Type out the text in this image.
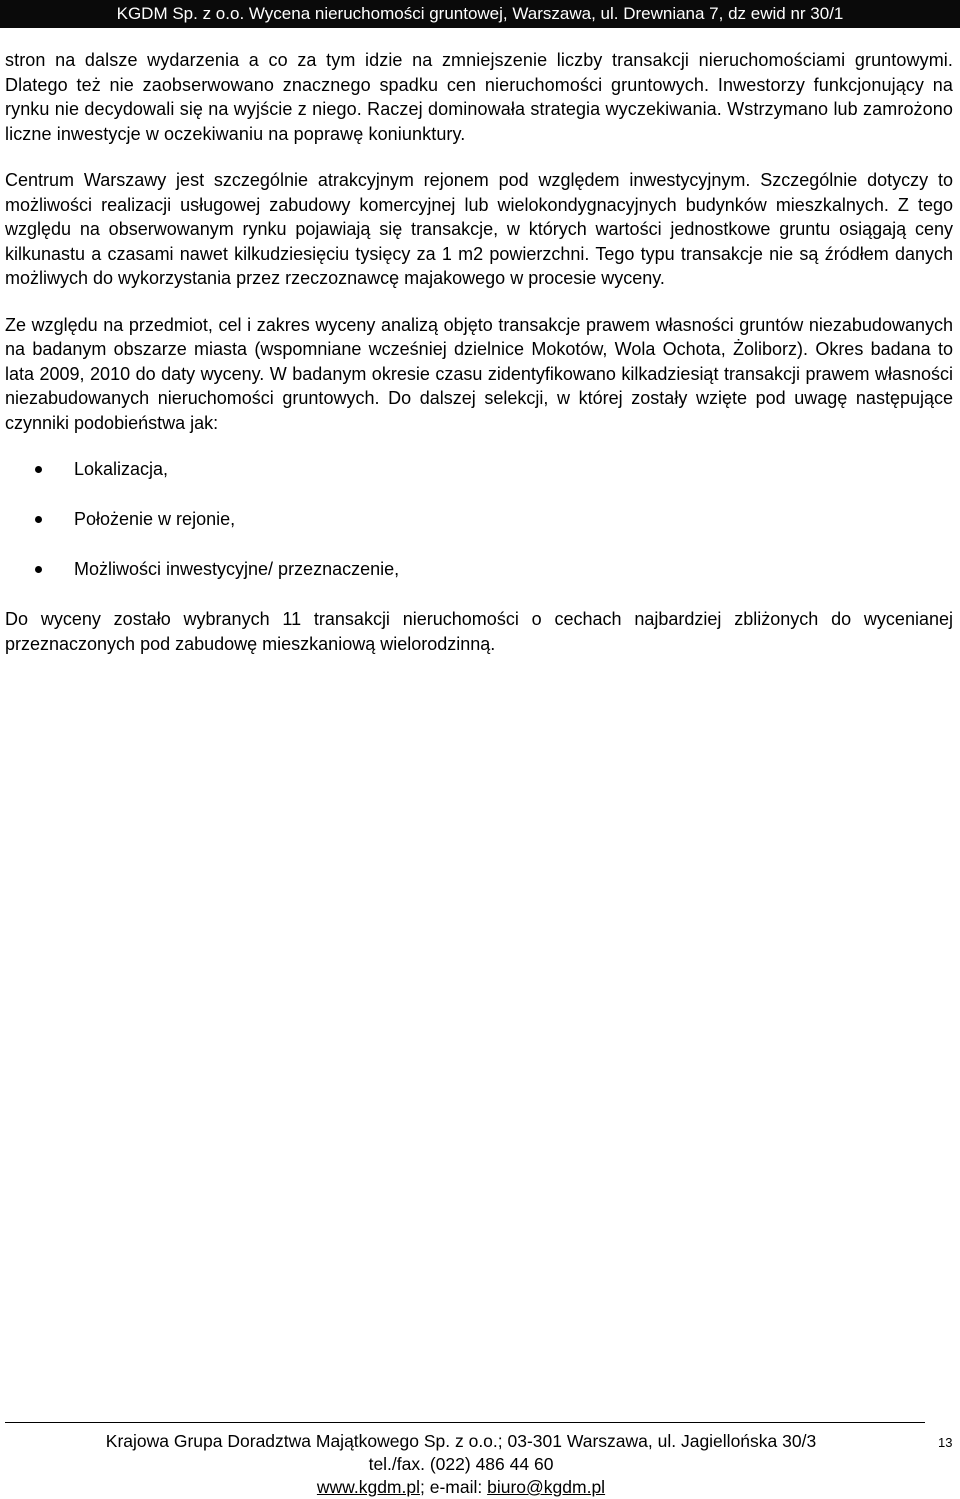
KGDM Sp. z o.o. Wycena nieruchomości gruntowej, Warszawa, ul. Drewniana 7, dz ewid nr 30/1

stron na dalsze wydarzenia a co za tym idzie na zmniejszenie liczby transakcji nieruchomościami gruntowymi. Dlatego też nie zaobserwowano znacznego spadku cen nieruchomości gruntowych. Inwestorzy funkcjonujący na rynku nie decydowali się na wyjście z niego. Raczej dominowała strategia wyczekiwania. Wstrzymano lub zamrożono liczne inwestycje w oczekiwaniu na poprawę koniunktury.

Centrum Warszawy jest szczególnie atrakcyjnym rejonem pod względem inwestycyjnym. Szczególnie dotyczy to możliwości realizacji usługowej zabudowy komercyjnej lub wielokondygnacyjnych budynków mieszkalnych. Z tego względu na obserwowanym rynku pojawiają się transakcje, w których wartości jednostkowe gruntu osiągają ceny kilkunastu a czasami nawet kilkudziesięciu tysięcy za 1 m2 powierzchni. Tego typu transakcje nie są źródłem danych możliwych do wykorzystania przez rzeczoznawcę majakowego w procesie wyceny.

Ze względu na przedmiot, cel i zakres wyceny analizą objęto transakcje prawem własności gruntów niezabudowanych na badanym obszarze miasta (wspomniane wcześniej dzielnice Mokotów, Wola Ochota, Żoliborz). Okres badana to lata 2009, 2010 do daty wyceny. W badanym okresie czasu zidentyfikowano kilkadziesiąt transakcji prawem własności niezabudowanych nieruchomości gruntowych. Do dalszej selekcji, w której zostały wzięte pod uwagę następujące czynniki podobieństwa jak:

Lokalizacja,
Położenie w rejonie,
Możliwości inwestycyjne/ przeznaczenie,

Do wyceny zostało wybranych 11 transakcji nieruchomości o cechach najbardziej zbliżonych do wycenianej przeznaczonych pod zabudowę mieszkaniową wielorodzinną.

Krajowa Grupa Doradztwa Majątkowego Sp. z o.o.; 03-301 Warszawa, ul. Jagiellońska 30/3
tel./fax. (022) 486 44 60
www.kgdm.pl; e-mail: biuro@kgdm.pl
13
